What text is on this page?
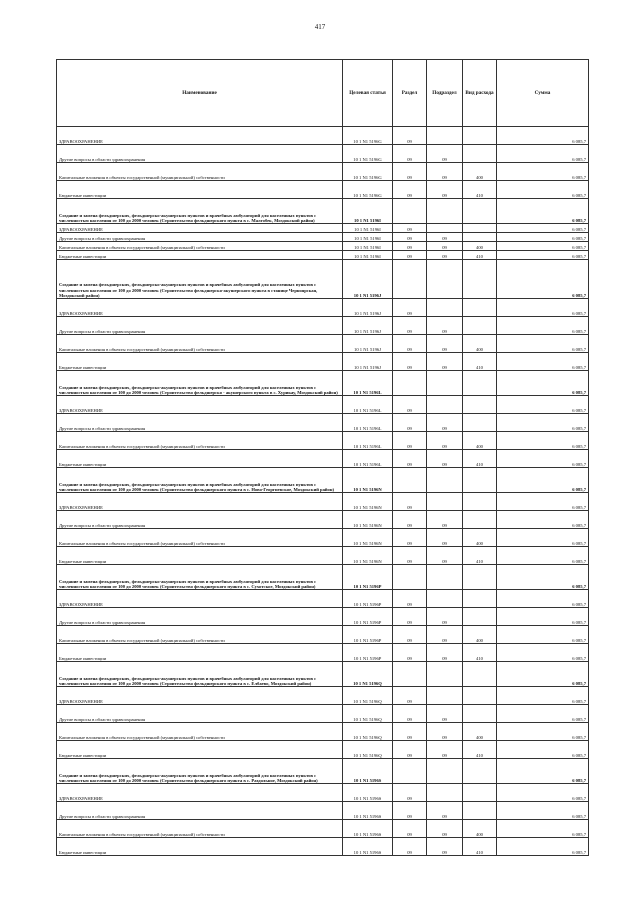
417
Наименование	Целевая статья	Раздел	Подраздел	Вид расхода	Сумма
ЗДРАВООХРАНЕНИЕ	10 1 N1 5196G	09			6 085,7
Другие вопросы в области здравоохранения	10 1 N1 5196G	09	09		6 085,7
Капитальные вложения в объекты государственной (муниципальной) собственности	10 1 N1 5196G	09	09	400	6 085,7
Бюджетные инвестиции	10 1 N1 5196G	09	09	410	6 085,7
Создание и замена фельдшерских, фельдшерско-акушерских пунктов и врачебных амбулаторий для населенных пунктов с численностью населения от 100 до 2000 человек (Строительство фельдшерского пункта в с. Малгобек, Моздокский район)	10 1 N1 5196I				6 085,7
ЗДРАВООХРАНЕНИЕ	10 1 N1 5196I	09			6 085,7
Другие вопросы в области здравоохранения	10 1 N1 5196I	09	09		6 085,7
Капитальные вложения в объекты государственной (муниципальной) собственности	10 1 N1 5196I	09	09	400	6 085,7
Бюджетные инвестиции	10 1 N1 5196I	09	09	410	6 085,7
Создание и замена фельдшерских, фельдшерско-акушерских пунктов и врачебных амбулаторий для населенных пунктов с численностью населения от 100 до 2000 человек (Строительство фельдшерско-акушерского пункта в станице Черноярская, Моздокский район)	10 1 N1 5196J				6 085,7
ЗДРАВООХРАНЕНИЕ	10 1 N1 5196J	09			6 085,7
Другие вопросы в области здравоохранения	10 1 N1 5196J	09	09		6 085,7
Капитальные вложения в объекты государственной (муниципальной) собственности	10 1 N1 5196J	09	09	400	6 085,7
Бюджетные инвестиции	10 1 N1 5196J	09	09	410	6 085,7
Создание и замена фельдшерских, фельдшерско-акушерских пунктов и врачебных амбулаторий для населенных пунктов с численностью населения от 100 до 2000 человек (Строительство фельдшерско - акушерского пункта в с. Хурикау, Моздокский район)	10 1 N1 5196L				6 085,7
ЗДРАВООХРАНЕНИЕ	10 1 N1 5196L	09			6 085,7
Другие вопросы в области здравоохранения	10 1 N1 5196L	09	09		6 085,7
Капитальные вложения в объекты государственной (муниципальной) собственности	10 1 N1 5196L	09	09	400	6 085,7
Бюджетные инвестиции	10 1 N1 5196L	09	09	410	6 085,7
Создание и замена фельдшерских, фельдшерско-акушерских пунктов и врачебных амбулаторий для населенных пунктов с численностью населения от 100 до 2000 человек (Строительство фельдшерского пункта в с. Ново-Георгиевское, Моздокский район)	10 1 N1 5196N				6 085,7
ЗДРАВООХРАНЕНИЕ	10 1 N1 5196N	09			6 085,7
Другие вопросы в области здравоохранения	10 1 N1 5196N	09	09		6 085,7
Капитальные вложения в объекты государственной (муниципальной) собственности	10 1 N1 5196N	09	09	400	6 085,7
Бюджетные инвестиции	10 1 N1 5196N	09	09	410	6 085,7
Создание и замена фельдшерских, фельдшерско-акушерских пунктов и врачебных амбулаторий для населенных пунктов с численностью населения от 100 до 2000 человек (Строительство фельдшерского пункта в с. Сухотское, Моздокский район)	10 1 N1 5196P				6 085,7
ЗДРАВООХРАНЕНИЕ	10 1 N1 5196P	09			6 085,7
Другие вопросы в области здравоохранения	10 1 N1 5196P	09	09		6 085,7
Капитальные вложения в объекты государственной (муниципальной) собственности	10 1 N1 5196P	09	09	400	6 085,7
Бюджетные инвестиции	10 1 N1 5196P	09	09	410	6 085,7
Создание и замена фельдшерских, фельдшерско-акушерских пунктов и врачебных амбулаторий для населенных пунктов с численностью населения от 100 до 2000 человек (Строительство фельдшерского пункта в с. Елбаево, Моздокский район)	10 1 N1 5196Q				6 085,7
ЗДРАВООХРАНЕНИЕ	10 1 N1 5196Q	09			6 085,7
Другие вопросы в области здравоохранения	10 1 N1 5196Q	09	09		6 085,7
Капитальные вложения в объекты государственной (муниципальной) собственности	10 1 N1 5196Q	09	09	400	6 085,7
Бюджетные инвестиции	10 1 N1 5196Q	09	09	410	6 085,7
Создание и замена фельдшерских, фельдшерско-акушерских пунктов и врачебных амбулаторий для населенных пунктов с численностью населения от 100 до 2000 человек (Строительство фельдшерского пункта в с. Раздольное, Моздокский район)	10 1 N1 5196S				6 085,7
ЗДРАВООХРАНЕНИЕ	10 1 N1 5196S	09			6 085,7
Другие вопросы в области здравоохранения	10 1 N1 5196S	09	09		6 085,7
Капитальные вложения в объекты государственной (муниципальной) собственности	10 1 N1 5196S	09	09	400	6 085,7
Бюджетные инвестиции	10 1 N1 5196S	09	09	410	6 085,7
